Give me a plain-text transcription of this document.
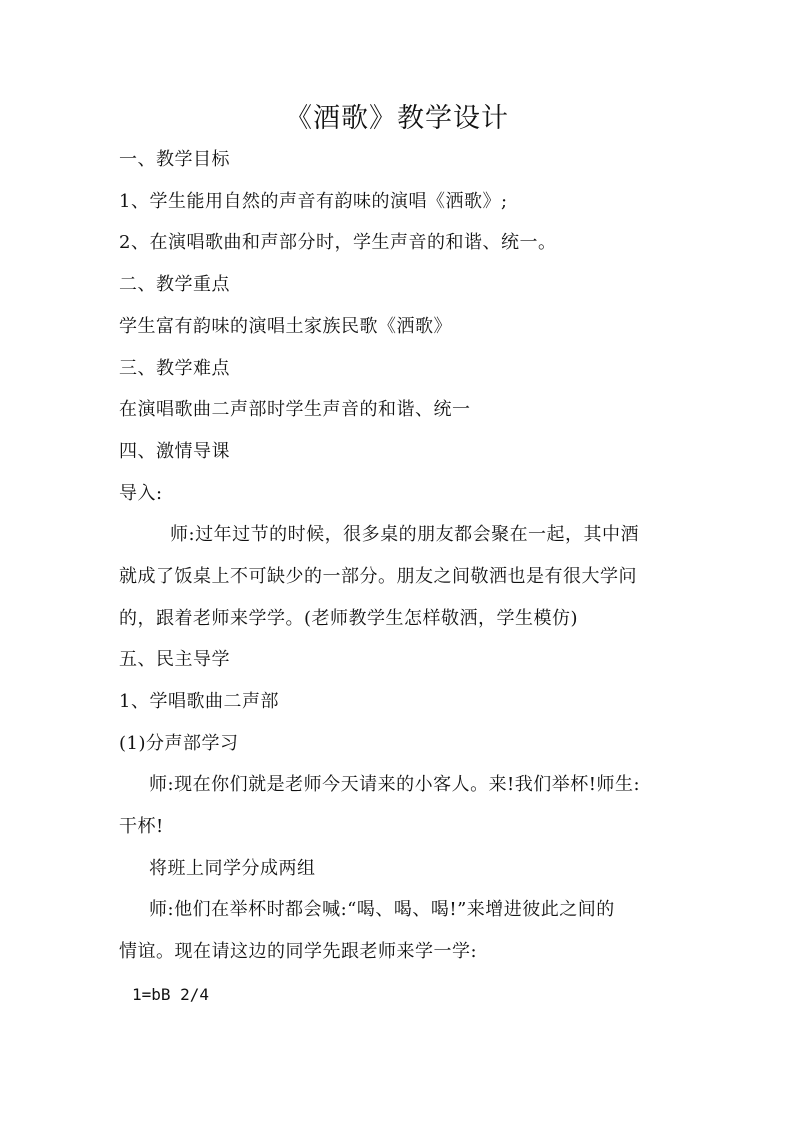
《酒歌》教学设计
一、教学目标
1、学生能用自然的声音有韵味的演唱《洒歌》;
2、在演唱歌曲和声部分时，学生声音的和谐、统一。
二、教学重点
学生富有韵味的演唱土家族民歌《洒歌》
三、教学难点
在演唱歌曲二声部时学生声音的和谐、统一
四、激情导课
导入:
师:过年过节的时候，很多桌的朋友都会聚在一起，其中酒
就成了饭桌上不可缺少的一部分。朋友之间敬洒也是有很大学问
的，跟着老师来学学。(老师教学生怎样敬洒，学生模仿)
五、民主导学
1、学唱歌曲二声部
(1)分声部学习
师:现在你们就是老师今天请来的小客人。来!我们举杯!师生:
干杯!
将班上同学分成两组
师:他们在举杯时都会喊:“喝、喝、喝!”来增进彼此之间的
情谊。现在请这边的同学先跟老师来学一学:
1=bB 2/4
